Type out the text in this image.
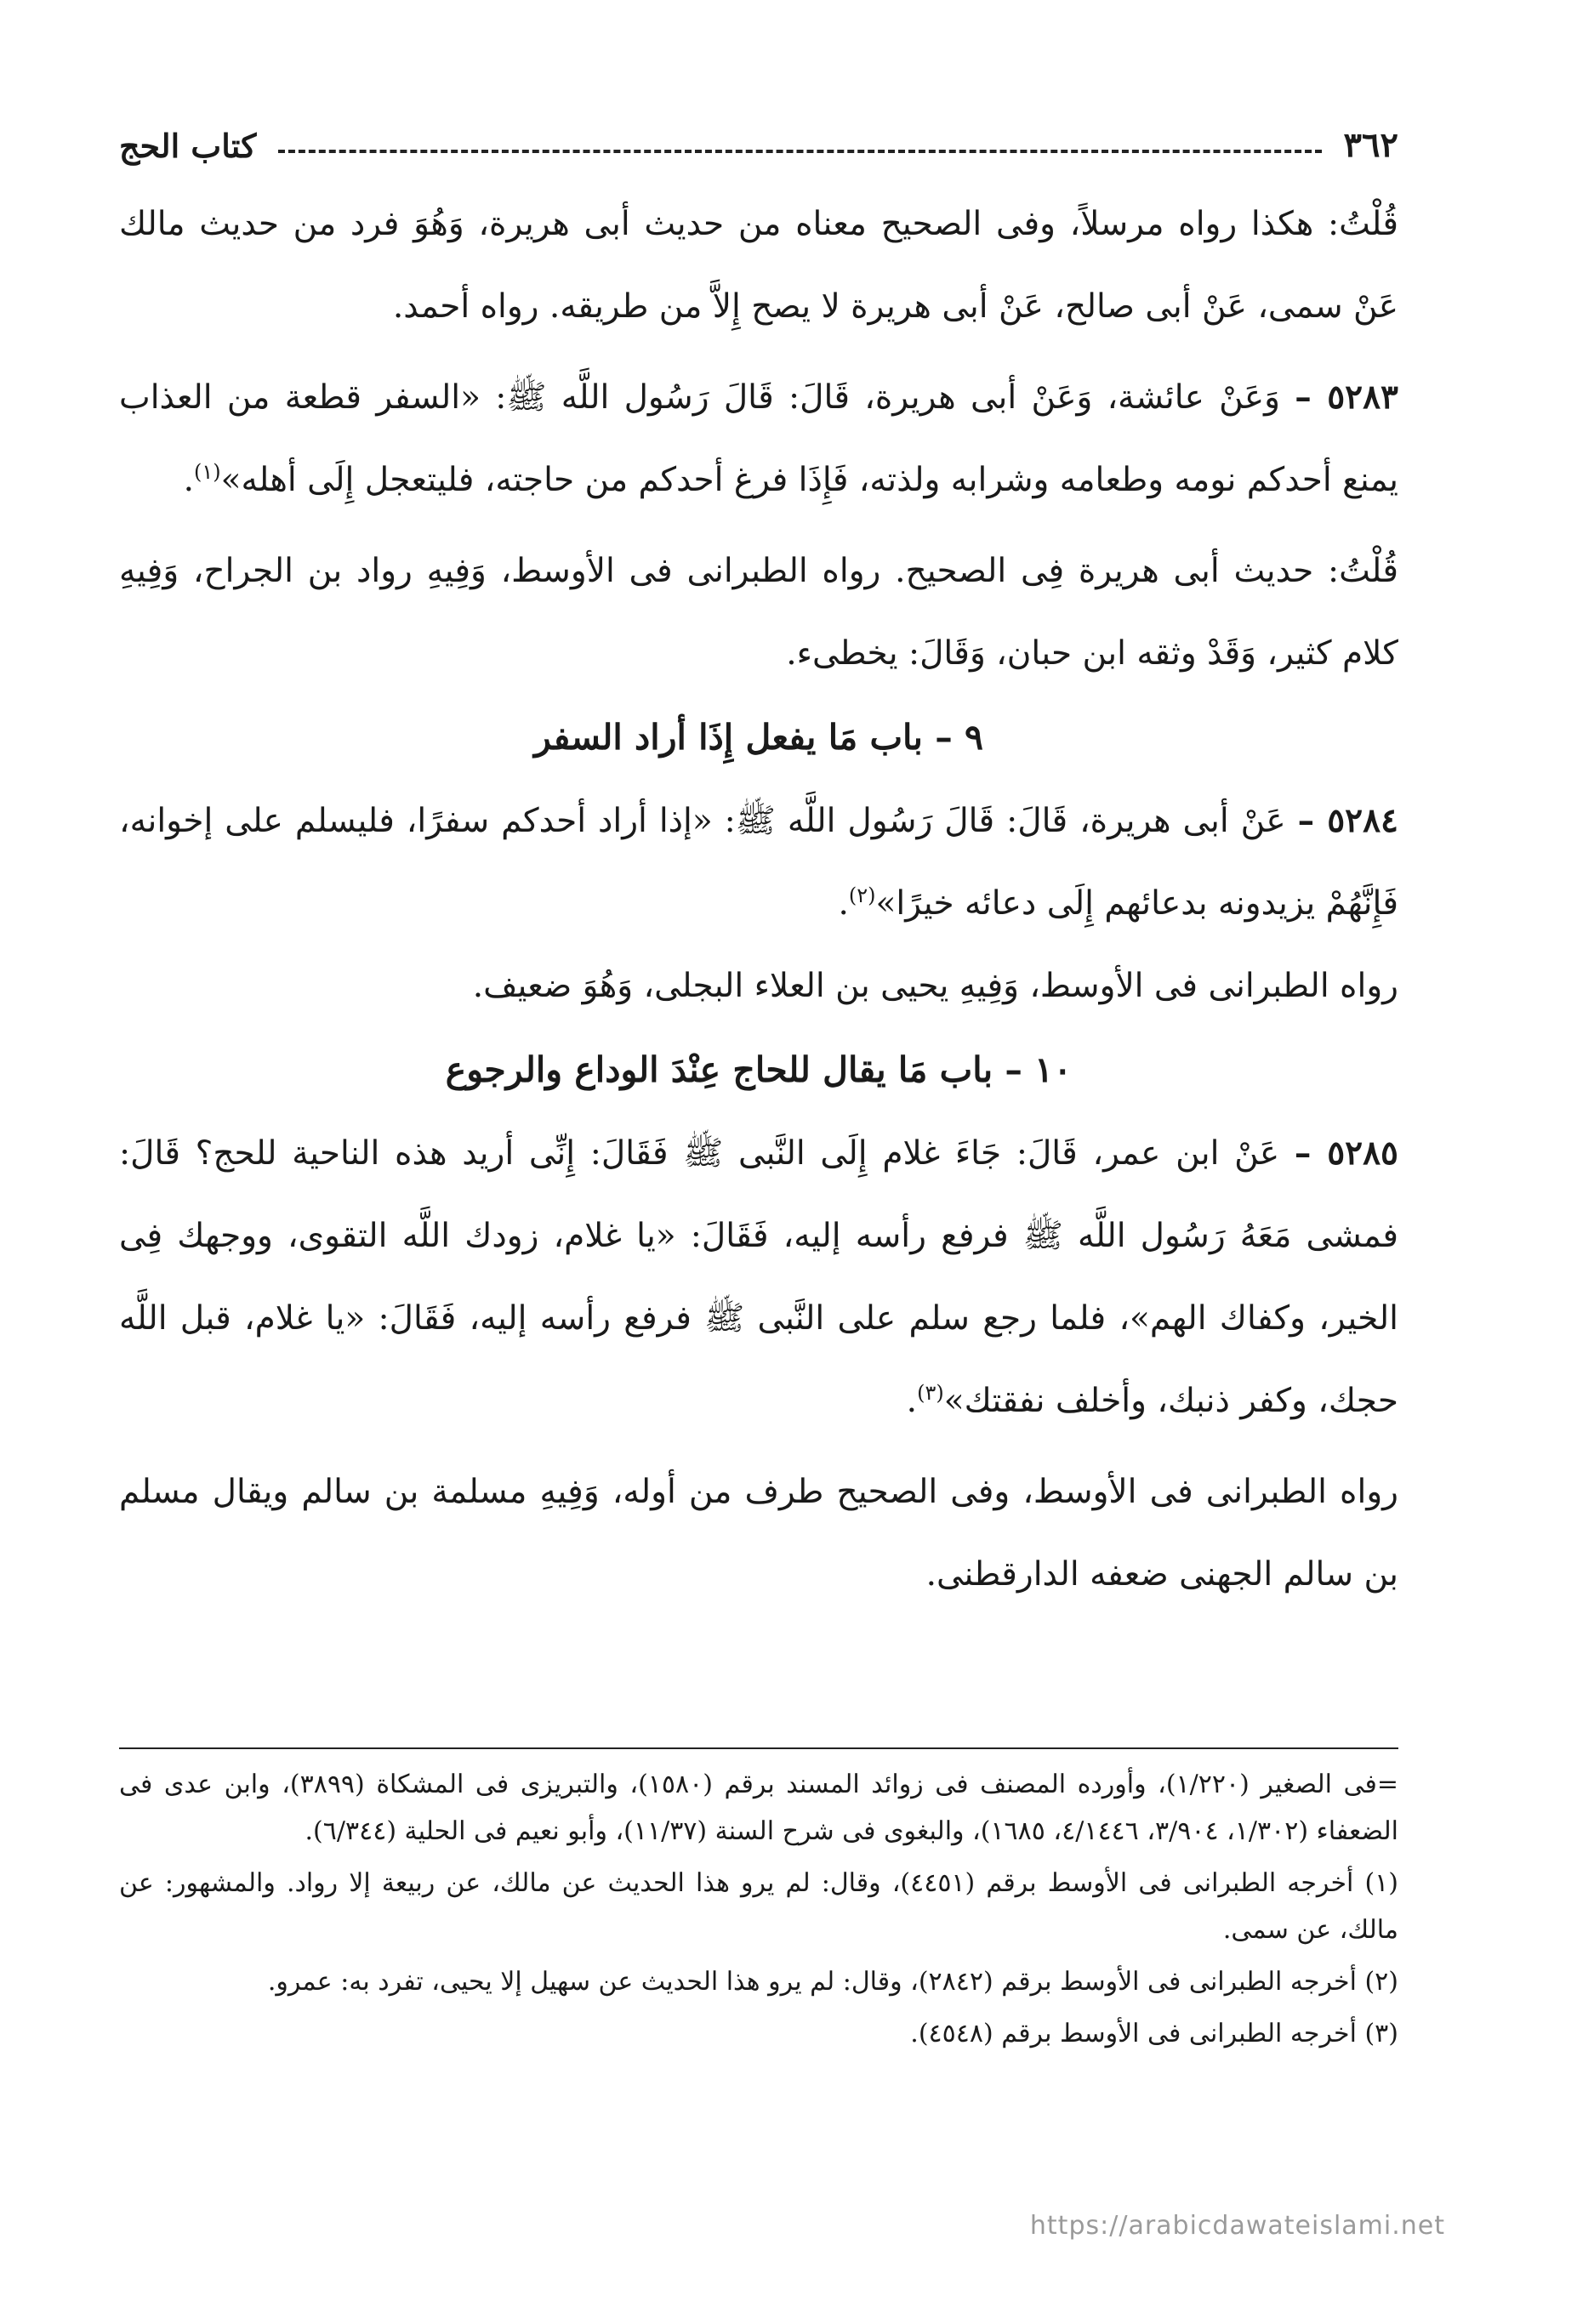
٣٦٢
كتاب الحج

قُلْتُ: هكذا رواه مرسلاً، وفى الصحيح معناه من حديث أبى هريرة، وَهُوَ فرد من حديث مالك عَنْ سمى، عَنْ أبى صالح، عَنْ أبى هريرة لا يصح إِلاَّ من طريقه. رواه أحمد.

٥٢٨٣ – وَعَنْ عائشة، وَعَنْ أبى هريرة، قَالَ: قَالَ رَسُول اللَّه ﷺ: «السفر قطعة من العذاب يمنع أحدكم نومه وطعامه وشرابه ولذته، فَإِذَا فرغ أحدكم من حاجته، فليتعجل إِلَى أهله»$^{(١)}$.

قُلْتُ: حديث أبى هريرة فِى الصحيح. رواه الطبرانى فى الأوسط، وَفِيهِ رواد بن الجراح، وَفِيهِ كلام كثير، وَقَدْ وثقه ابن حبان، وَقَالَ: يخطىء.

٩ – باب مَا يفعل إِذَا أراد السفر

٥٢٨٤ – عَنْ أبى هريرة، قَالَ: قَالَ رَسُول اللَّه ﷺ: «إذا أراد أحدكم سفرًا، فليسلم على إخوانه، فَإِنَّهُمْ يزيدونه بدعائهم إِلَى دعائه خيرًا»$^{(٢)}$.

رواه الطبرانى فى الأوسط، وَفِيهِ يحيى بن العلاء البجلى، وَهُوَ ضعيف.

١٠ – باب مَا يقال للحاج عِنْدَ الوداع والرجوع

٥٢٨٥ – عَنْ ابن عمر، قَالَ: جَاءَ غلام إِلَى النَّبى ﷺ فَقَالَ: إِنِّى أريد هذه الناحية للحج؟ قَالَ: فمشى مَعَهُ رَسُول اللَّه ﷺ فرفع رأسه إليه، فَقَالَ: «يا غلام، زودك اللَّه التقوى، ووجهك فِى الخير، وكفاك الهم»، فلما رجع سلم على النَّبى ﷺ فرفع رأسه إليه، فَقَالَ: «يا غلام، قبل اللَّه حجك، وكفر ذنبك، وأخلف نفقتك»$^{(٣)}$.

رواه الطبرانى فى الأوسط، وفى الصحيح طرف من أوله، وَفِيهِ مسلمة بن سالم ويقال مسلم بن سالم الجهنى ضعفه الدارقطنى.

=فى الصغير (١/٢٢٠)، وأورده المصنف فى زوائد المسند برقم (١٥٨٠)، والتبريزى فى المشكاة (٣٨٩٩)، وابن عدى فى الضعفاء (١/٣٠٢، ٣/٩٠٤، ٤/١٤٤٦، ١٦٨٥)، والبغوى فى شرح السنة (١١/٣٧)، وأبو نعيم فى الحلية (٦/٣٤٤).

(١) أخرجه الطبرانى فى الأوسط برقم (٤٤٥١)، وقال: لم يرو هذا الحديث عن مالك، عن ربيعة إلا رواد. والمشهور: عن مالك، عن سمى.

(٢) أخرجه الطبرانى فى الأوسط برقم (٢٨٤٢)، وقال: لم يرو هذا الحديث عن سهيل إلا يحيى، تفرد به: عمرو.

(٣) أخرجه الطبرانى فى الأوسط برقم (٤٥٤٨).

https://arabicdawateislami.net
